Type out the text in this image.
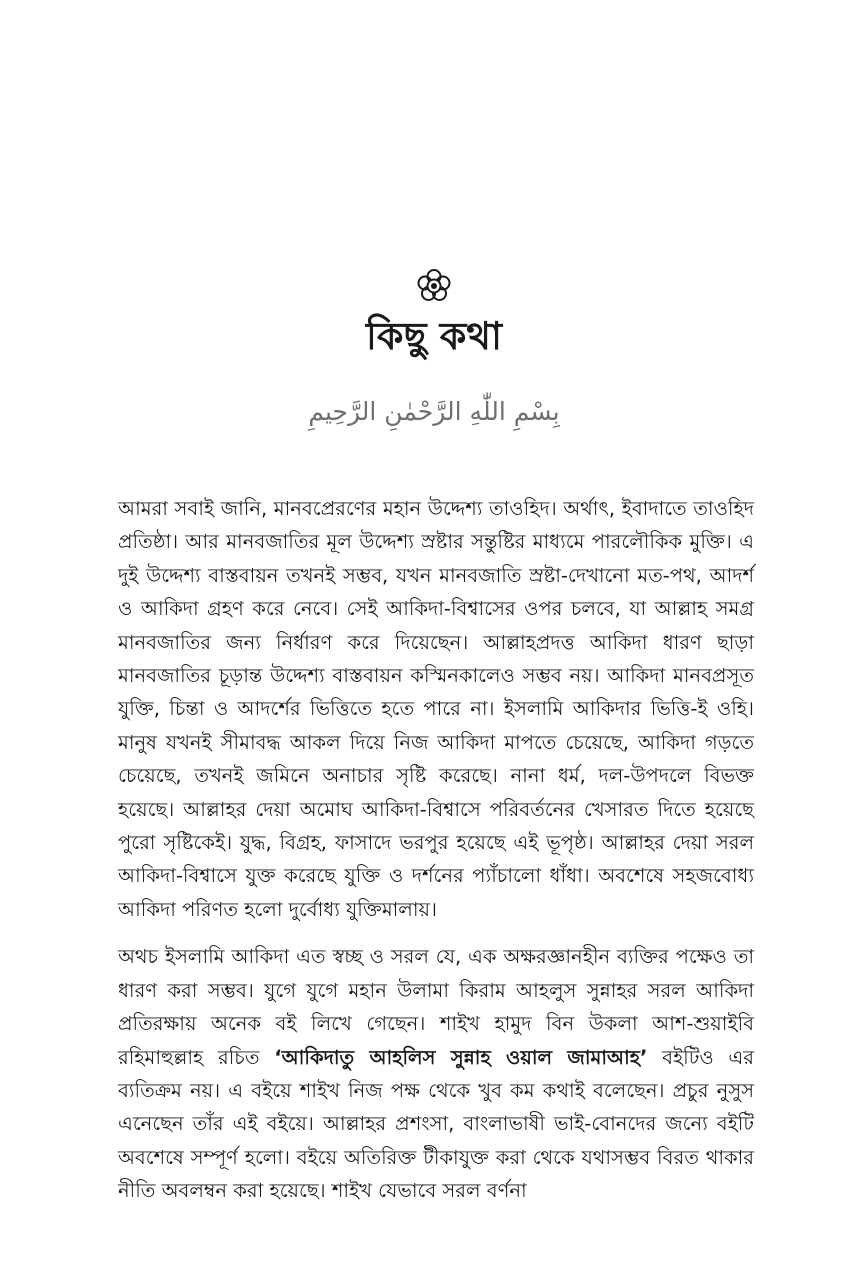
কিছু কথা
بِسْمِ اللّٰهِ الرَّحْمٰنِ الرَّحِيمِ

আমরা সবাই জানি, মানবপ্রেরণের মহান উদ্দেশ্য তাওহিদ। অর্থাৎ, ইবাদাতে তাওহিদ প্রতিষ্ঠা। আর মানবজাতির মূল উদ্দেশ্য স্রষ্টার সন্তুষ্টির মাধ্যমে পারলৌকিক মুক্তি। এ দুই উদ্দেশ্য বাস্তবায়ন তখনই সম্ভব, যখন মানবজাতি স্রষ্টা-দেখানো মত-পথ, আদর্শ ও আকিদা গ্রহণ করে নেবে। সেই আকিদা-বিশ্বাসের ওপর চলবে, যা আল্লাহ সমগ্র মানবজাতির জন্য নির্ধারণ করে দিয়েছেন। আল্লাহপ্রদত্ত আকিদা ধারণ ছাড়া মানবজাতির চূড়ান্ত উদ্দেশ্য বাস্তবায়ন কস্মিনকালেও সম্ভব নয়। আকিদা মানবপ্রসূত যুক্তি, চিন্তা ও আদর্শের ভিত্তিতে হতে পারে না। ইসলামি আকিদার ভিত্তি-ই ওহি। মানুষ যখনই সীমাবদ্ধ আকল দিয়ে নিজ আকিদা মাপতে চেয়েছে, আকিদা গড়তে চেয়েছে, তখনই জমিনে অনাচার সৃষ্টি করেছে। নানা ধর্ম, দল-উপদলে বিভক্ত হয়েছে। আল্লাহর দেয়া অমোঘ আকিদা-বিশ্বাসে পরিবর্তনের খেসারত দিতে হয়েছে পুরো সৃষ্টিকেই। যুদ্ধ, বিগ্রহ, ফাসাদে ভরপুর হয়েছে এই ভূপৃষ্ঠ। আল্লাহর দেয়া সরল আকিদা-বিশ্বাসে যুক্ত করেছে যুক্তি ও দর্শনের প্যাঁচালো ধাঁধা। অবশেষে সহজবোধ্য আকিদা পরিণত হলো দুর্বোধ্য যুক্তিমালায়।

অথচ ইসলামি আকিদা এত স্বচ্ছ ও সরল যে, এক অক্ষরজ্ঞানহীন ব্যক্তির পক্ষেও তা ধারণ করা সম্ভব। যুগে যুগে মহান উলামা কিরাম আহলুস সুন্নাহর সরল আকিদা প্রতিরক্ষায় অনেক বই লিখে গেছেন। শাইখ হামুদ বিন উকলা আশ-শুয়াইবি রহিমাহুল্লাহ রচিত ‘আকিদাতু আহলিস সুন্নাহ ওয়াল জামাআহ’ বইটিও এর ব্যতিক্রম নয়। এ বইয়ে শাইখ নিজ পক্ষ থেকে খুব কম কথাই বলেছেন। প্রচুর নুসুস এনেছেন তাঁর এই বইয়ে। আল্লাহর প্রশংসা, বাংলাভাষী ভাই-বোনদের জন্যে বইটি অবশেষে সম্পূর্ণ হলো। বইয়ে অতিরিক্ত টীকাযুক্ত করা থেকে যথাসম্ভব বিরত থাকার নীতি অবলম্বন করা হয়েছে। শাইখ যেভাবে সরল বর্ণনা
